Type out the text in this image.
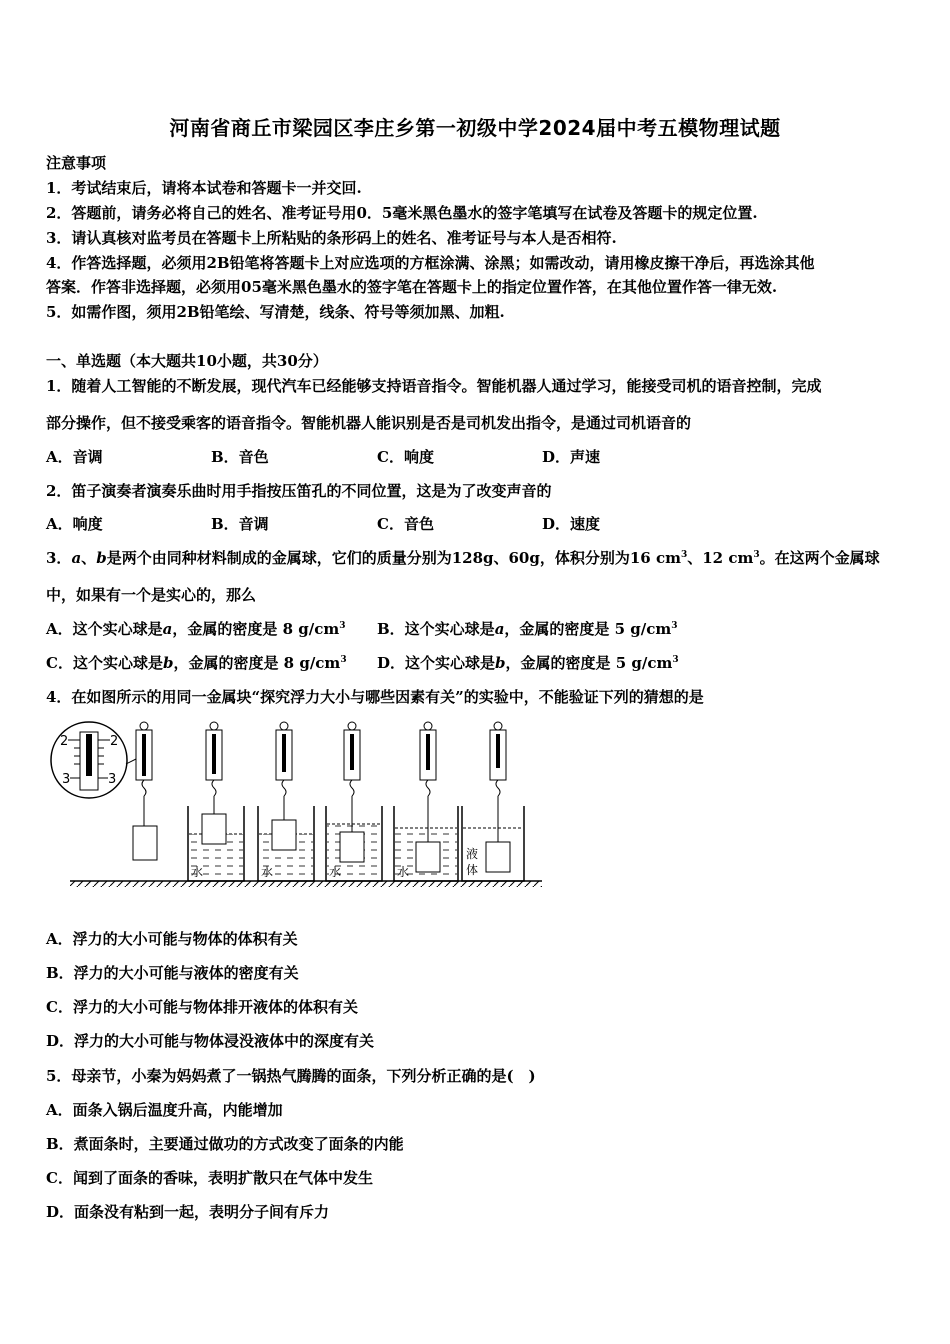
河南省商丘市梁园区李庄乡第一初级中学2024届中考五模物理试题
注意事项
1．考试结束后，请将本试卷和答题卡一并交回.
2．答题前，请务必将自己的姓名、准考证号用0．5毫米黑色墨水的签字笔填写在试卷及答题卡的规定位置.
3．请认真核对监考员在答题卡上所粘贴的条形码上的姓名、准考证号与本人是否相符.
4．作答选择题，必须用2B铅笔将答题卡上对应选项的方框涂满、涂黑；如需改动，请用橡皮擦干净后，再选涂其他
答案．作答非选择题，必须用05毫米黑色墨水的签字笔在答题卡上的指定位置作答，在其他位置作答一律无效.
5．如需作图，须用2B铅笔绘、写清楚，线条、符号等须加黑、加粗.
一、单选题（本大题共10小题，共30分）
1．随着人工智能的不断发展，现代汽车已经能够支持语音指令。智能机器人通过学习，能接受司机的语音控制，完成
部分操作，但不接受乘客的语音指令。智能机器人能识别是否是司机发出指令，是通过司机语音的
A．音调	B．音色	C．响度	D．声速
2．笛子演奏者演奏乐曲时用手指按压笛孔的不同位置，这是为了改变声音的
A．响度	B．音调	C．音色	D．速度
3．a、b是两个由同种材料制成的金属球，它们的质量分别为128g、60g，体积分别为16 $cm^3$、12 $cm^3$。在这两个金属球
中，如果有一个是实心的，那么
A．这个实心球是a，金属的密度是 8 $g/cm^3$ B．这个实心球是a，金属的密度是 5 $g/cm^3$
C．这个实心球是b，金属的密度是 8 $g/cm^3$ D．这个实心球是b，金属的密度是 5 $g/cm^3$
4．在如图所示的用同一金属块“探究浮力大小与哪些因素有关”的实验中，不能验证下列的猜想的是
2	2
3	3
水	水	水	水
液
体
A．浮力的大小可能与物体的体积有关
B．浮力的大小可能与液体的密度有关
C．浮力的大小可能与物体排开液体的体积有关
D．浮力的大小可能与物体浸没液体中的深度有关
5．母亲节，小秦为妈妈煮了一锅热气腾腾的面条，下列分析正确的是(　)
A．面条入锅后温度升高，内能增加
B．煮面条时，主要通过做功的方式改变了面条的内能
C．闻到了面条的香味，表明扩散只在气体中发生
D．面条没有粘到一起，表明分子间有斥力
